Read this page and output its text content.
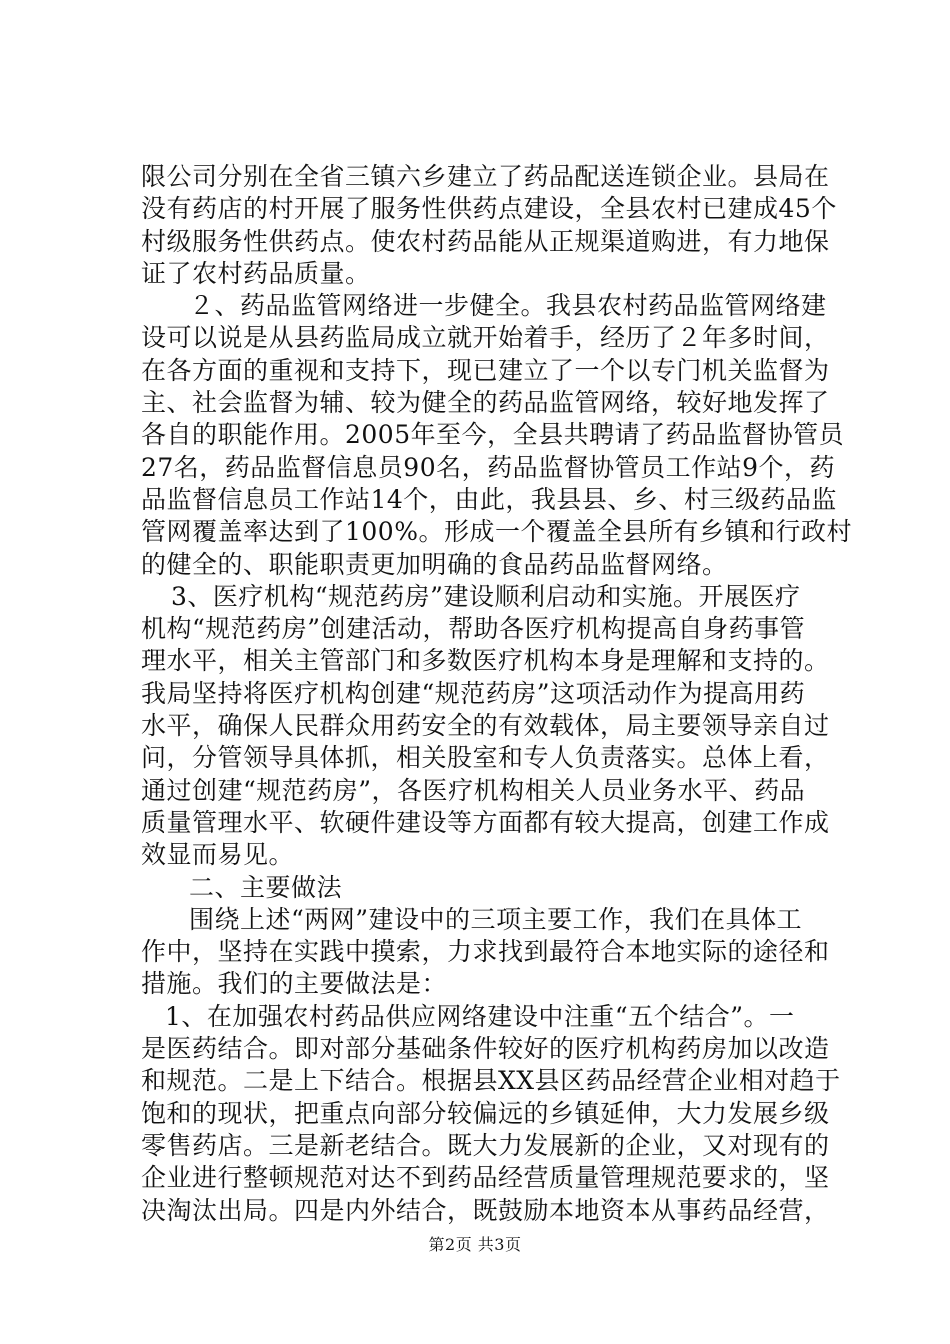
限公司分别在全省三镇六乡建立了药品配送连锁企业。县局在
没有药店的村开展了服务性供药点建设，全县农村已建成45个
村级服务性供药点。使农村药品能从正规渠道购进，有力地保
证了农村药品质量。
２、药品监管网络进一步健全。我县农村药品监管网络建
设可以说是从县药监局成立就开始着手，经历了２年多时间，
在各方面的重视和支持下，现已建立了一个以专门机关监督为
主、社会监督为辅、较为健全的药品监管网络，较好地发挥了
各自的职能作用。2005年至今，全县共聘请了药品监督协管员
27名，药品监督信息员90名，药品监督协管员工作站9个，药
品监督信息员工作站14个，由此，我县县、乡、村三级药品监
管网覆盖率达到了100%。形成一个覆盖全县所有乡镇和行政村
的健全的、职能职责更加明确的食品药品监督网络。
3、医疗机构“规范药房”建设顺利启动和实施。开展医疗
机构“规范药房”创建活动，帮助各医疗机构提高自身药事管
理水平，相关主管部门和多数医疗机构本身是理解和支持的。
我局坚持将医疗机构创建“规范药房”这项活动作为提高用药
水平，确保人民群众用药安全的有效载体，局主要领导亲自过
问，分管领导具体抓，相关股室和专人负责落实。总体上看，
通过创建“规范药房”，各医疗机构相关人员业务水平、药品
质量管理水平、软硬件建设等方面都有较大提高，创建工作成
效显而易见。
二、主要做法
围绕上述“两网”建设中的三项主要工作，我们在具体工
作中，坚持在实践中摸索，力求找到最符合本地实际的途径和
措施。我们的主要做法是：
1、在加强农村药品供应网络建设中注重“五个结合”。一
是医药结合。即对部分基础条件较好的医疗机构药房加以改造
和规范。二是上下结合。根据县XX县区药品经营企业相对趋于
饱和的现状，把重点向部分较偏远的乡镇延伸，大力发展乡级
零售药店。三是新老结合。既大力发展新的企业，又对现有的
企业进行整顿规范对达不到药品经营质量管理规范要求的，坚
决淘汰出局。四是内外结合，既鼓励本地资本从事药品经营，
第2页 共3页
